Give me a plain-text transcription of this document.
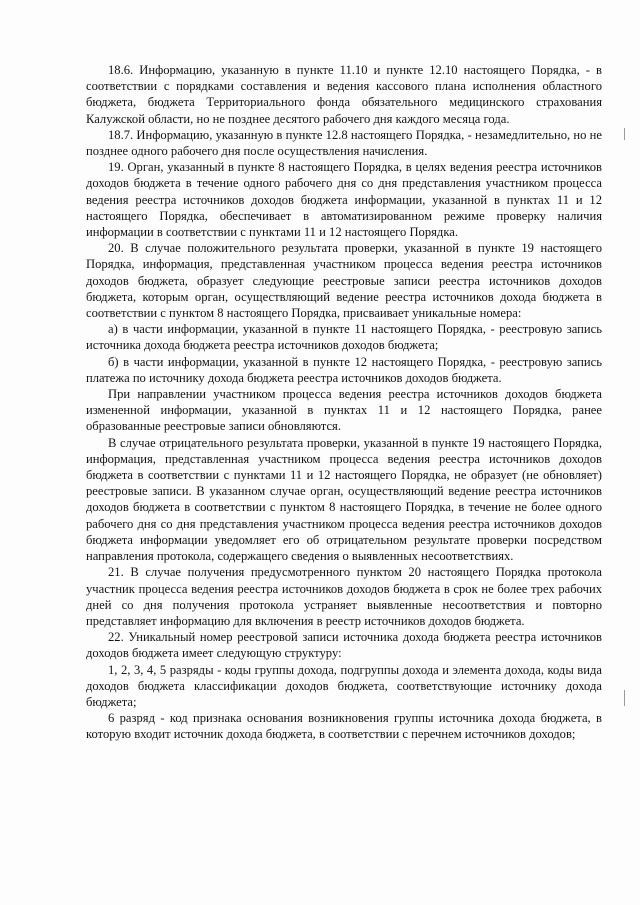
18.6. Информацию, указанную в пункте 11.10 и пункте 12.10 настоящего Порядка, - в соответствии с порядками составления и ведения кассового плана исполнения областного бюджета, бюджета Территориального фонда обязательного медицинского страхования Калужской области, но не позднее десятого рабочего дня каждого месяца года.

18.7. Информацию, указанную в пункте 12.8 настоящего Порядка, - незамедлительно, но не позднее одного рабочего дня после осуществления начисления.

19. Орган, указанный в пункте 8 настоящего Порядка, в целях ведения реестра источников доходов бюджета в течение одного рабочего дня со дня представления участником процесса ведения реестра источников доходов бюджета информации, указанной в пунктах 11 и 12 настоящего Порядка, обеспечивает в автоматизированном режиме проверку наличия информации в соответствии с пунктами 11 и 12 настоящего Порядка.

20. В случае положительного результата проверки, указанной в пункте 19 настоящего Порядка, информация, представленная участником процесса ведения реестра источников доходов бюджета, образует следующие реестровые записи реестра источников доходов бюджета, которым орган, осуществляющий ведение реестра источников дохода бюджета в соответствии с пунктом 8 настоящего Порядка, присваивает уникальные номера:

а) в части информации, указанной в пункте 11 настоящего Порядка, - реестровую запись источника дохода бюджета реестра источников доходов бюджета;

б) в части информации, указанной в пункте 12 настоящего Порядка, - реестровую запись платежа по источнику дохода бюджета реестра источников доходов бюджета.

При направлении участником процесса ведения реестра источников доходов бюджета измененной информации, указанной в пунктах 11 и 12 настоящего Порядка, ранее образованные реестровые записи обновляются.

В случае отрицательного результата проверки, указанной в пункте 19 настоящего Порядка, информация, представленная участником процесса ведения реестра источников доходов бюджета в соответствии с пунктами 11 и 12 настоящего Порядка, не образует (не обновляет) реестровые записи. В указанном случае орган, осуществляющий ведение реестра источников доходов бюджета в соответствии с пунктом 8 настоящего Порядка, в течение не более одного рабочего дня со дня представления участником процесса ведения реестра источников доходов бюджета информации уведомляет его об отрицательном результате проверки посредством направления протокола, содержащего сведения о выявленных несоответствиях.

21. В случае получения предусмотренного пунктом 20 настоящего Порядка протокола участник процесса ведения реестра источников доходов бюджета в срок не более трех рабочих дней со дня получения протокола устраняет выявленные несоответствия и повторно представляет информацию для включения в реестр источников доходов бюджета.

22. Уникальный номер реестровой записи источника дохода бюджета реестра источников доходов бюджета имеет следующую структуру:

1, 2, 3, 4, 5 разряды - коды группы дохода, подгруппы дохода и элемента дохода, коды вида доходов бюджета классификации доходов бюджета, соответствующие источнику дохода бюджета;

6 разряд - код признака основания возникновения группы источника дохода бюджета, в которую входит источник дохода бюджета, в соответствии с перечнем источников доходов;
